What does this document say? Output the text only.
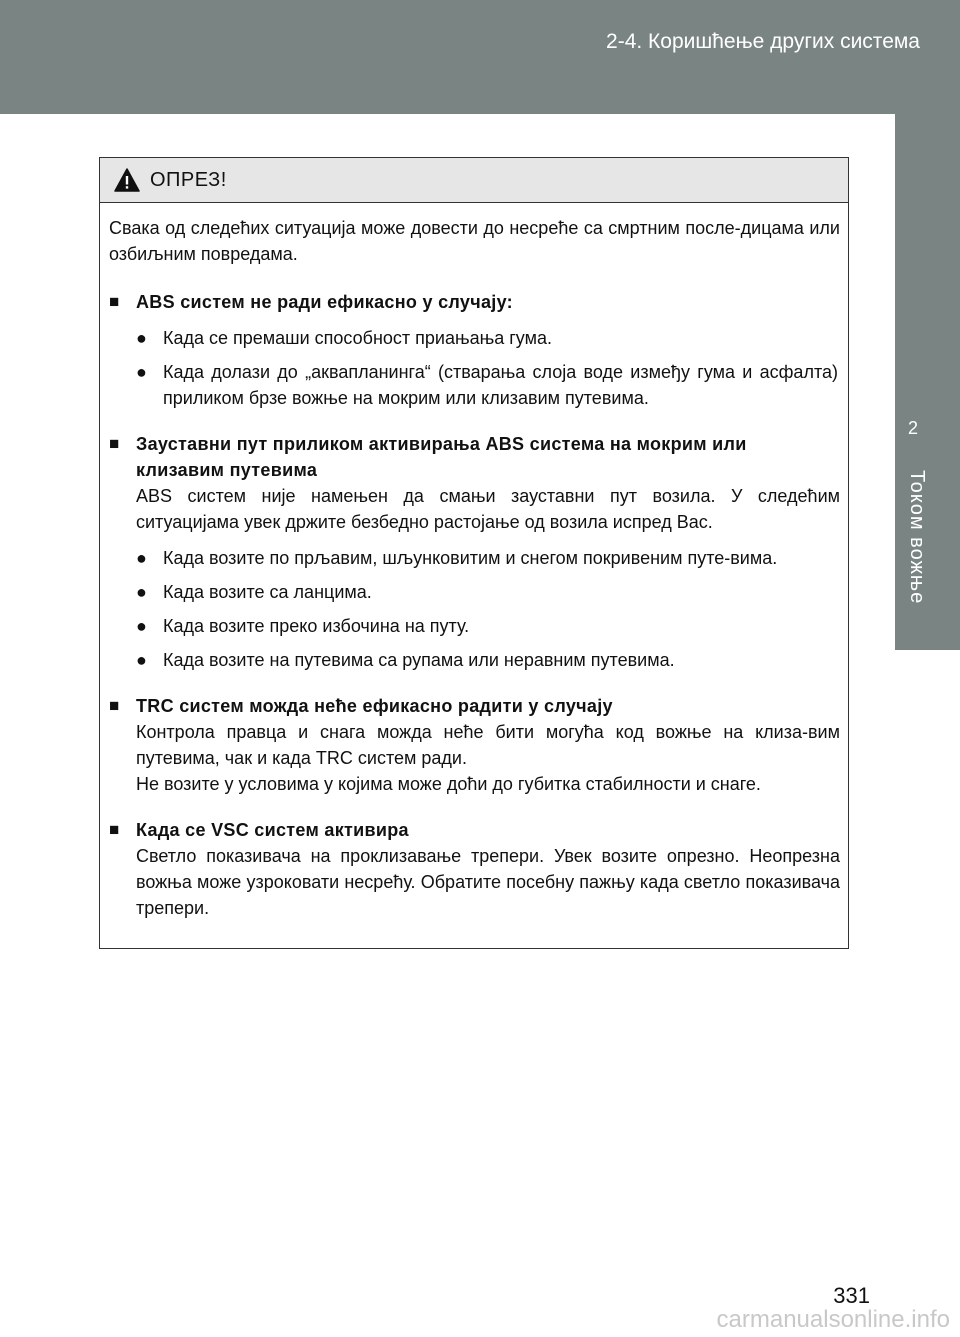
2-4. Коришћење других система
2
Током вожње
ОПРЕЗ!

Свака од следећих ситуација може довести до несреће са смртним после-дицама или озбиљним повредама.

■ ABS систем не ради ефикасно у случају:
● Када се премаши способност приањања гума.
● Када долази до „аквапланинга“ (стварања слоја воде између гума и асфалта) приликом брзе вожње на мокрим или клизавим путевима.
■ Зауставни пут приликом активирања ABS система на мокрим или клизавим путевима

ABS систем није намењен да смањи зауставни пут возила. У следећим ситуацијама увек држите безбедно растојање од возила испред Вас.

● Када возите по прљавим, шљунковитим и снегом покривеним путе-вима.
● Када возите са ланцима.
● Када возите преко избочина на путу.
● Када возите на путевима са рупама или неравним путевима.
■ TRC систем можда неће ефикасно радити у случају

Контрола правца и снага можда неће бити могућа код вожње на клиза-вим путевима, чак и када TRC систем ради.

Не возите у условима у којима може доћи до губитка стабилности и снаге.

■ Када се VSC систем активира

Светло показивача на проклизавање трепери. Увек возите опрезно. Неопрезна вожња може узроковати несрећу. Обратите посебну пажњу када светло показивача трепери.

331
carmanualsonline.info
